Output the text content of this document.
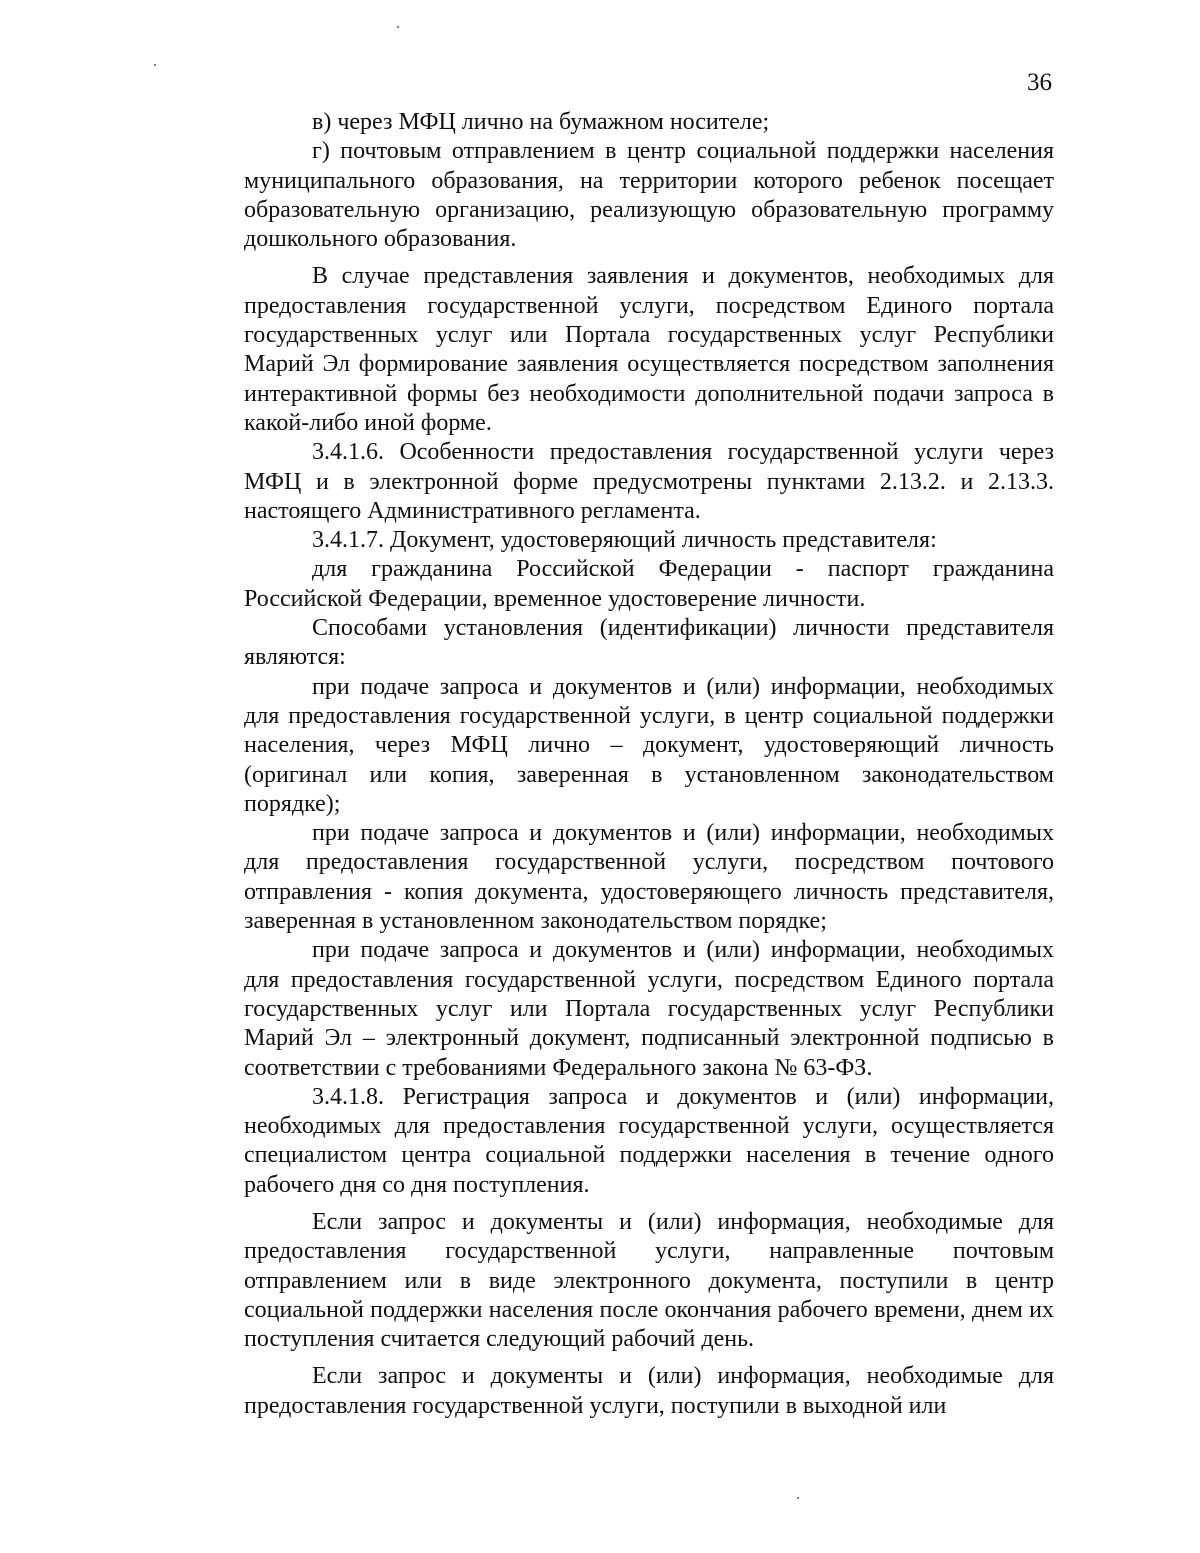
36

в) через МФЦ лично на бумажном носителе;

г) почтовым отправлением в центр социальной поддержки населения муниципального образования, на территории которого ребенок посещает образовательную организацию, реализующую образовательную программу дошкольного образования.

В случае представления заявления и документов, необходимых для предоставления государственной услуги, посредством Единого портала государственных услуг или Портала государственных услуг Республики Марий Эл формирование заявления осуществляется посредством заполнения интерактивной формы без необходимости дополнительной подачи запроса в какой-либо иной форме.

3.4.1.6. Особенности предоставления государственной услуги через МФЦ и в электронной форме предусмотрены пунктами 2.13.2. и 2.13.3. настоящего Административного регламента.

3.4.1.7. Документ, удостоверяющий личность представителя:

для гражданина Российской Федерации - паспорт гражданина Российской Федерации, временное удостоверение личности.

Способами установления (идентификации) личности представителя являются:

при подаче запроса и документов и (или) информации, необходимых для предоставления государственной услуги, в центр социальной поддержки населения, через МФЦ лично – документ, удостоверяющий личность (оригинал или копия, заверенная в установленном законодательством порядке);

при подаче запроса и документов и (или) информации, необходимых для предоставления государственной услуги, посредством почтового отправления - копия документа, удостоверяющего личность представителя, заверенная в установленном законодательством порядке;

при подаче запроса и документов и (или) информации, необходимых для предоставления государственной услуги, посредством Единого портала государственных услуг или Портала государственных услуг Республики Марий Эл – электронный документ, подписанный электронной подписью в соответствии с требованиями Федерального закона № 63-ФЗ.

3.4.1.8. Регистрация запроса и документов и (или) информации, необходимых для предоставления государственной услуги, осуществляется специалистом центра социальной поддержки населения в течение одного рабочего дня со дня поступления.

Если запрос и документы и (или) информация, необходимые для предоставления государственной услуги, направленные почтовым отправлением или в виде электронного документа, поступили в центр социальной поддержки населения после окончания рабочего времени, днем их поступления считается следующий рабочий день.

Если запрос и документы и (или) информация, необходимые для предоставления государственной услуги, поступили в выходной или
